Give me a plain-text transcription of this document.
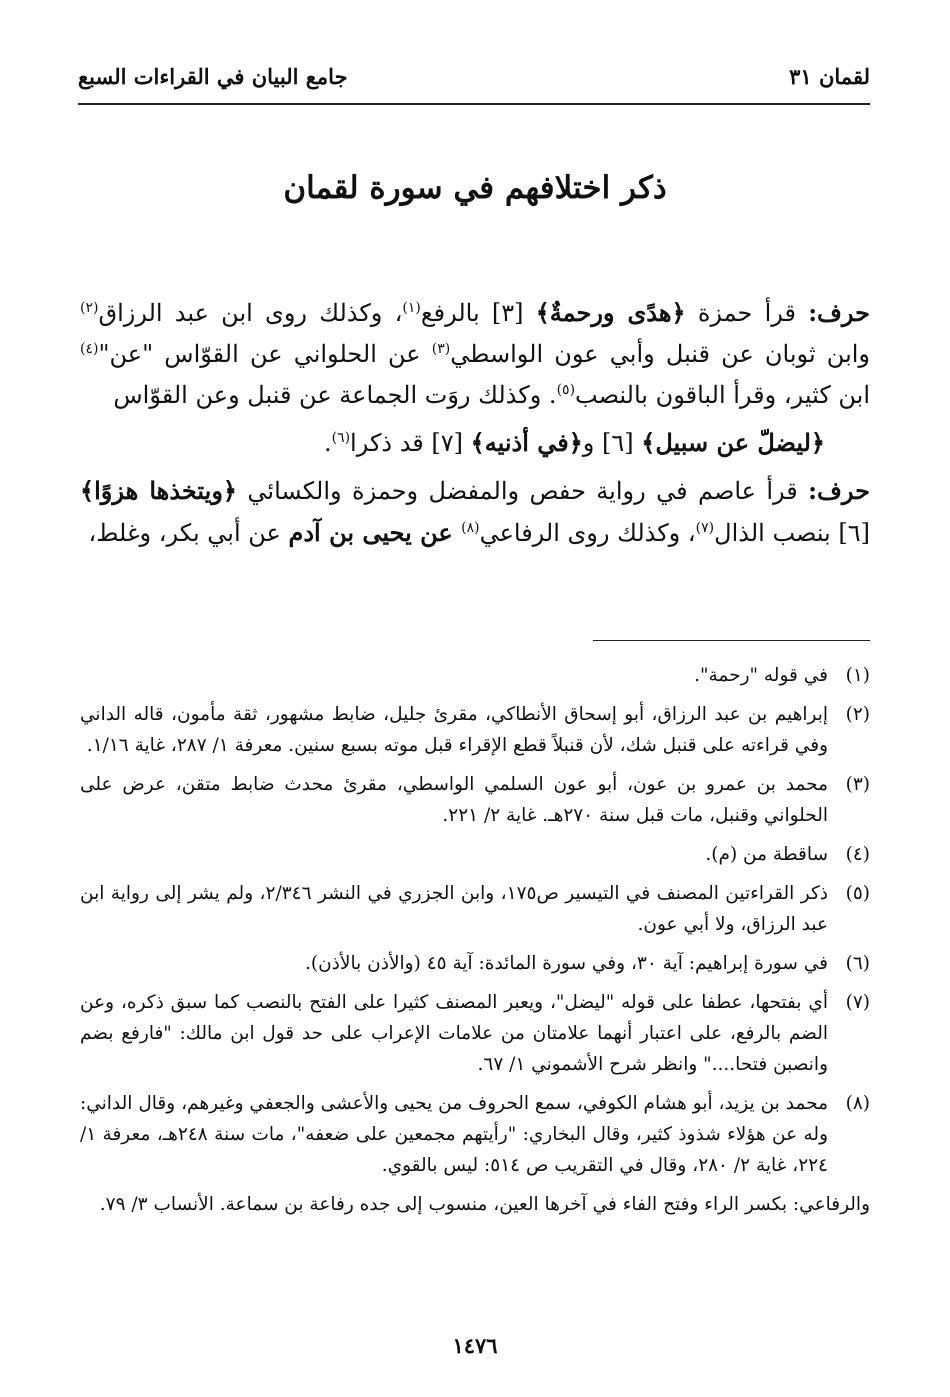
لقمان ٣١
جامع البيان في القراءات السبع
ذكر اختلافهم في سورة لقمان

حرف: قرأ حمزة ﴿هدًى ورحمةٌ﴾ [٣] بالرفع$^{(١)}$، وكذلك روى ابن عبد الرزاق$^{(٢)}$ وابن ثوبان عن قنبل وأبي عون الواسطي$^{(٣)}$ عن الحلواني عن القوّاس "عن"$^{(٤)}$ ابن كثير، وقرأ الباقون بالنصب$^{(٥)}$. وكذلك روَت الجماعة عن قنبل وعن القوّاس

﴿ليضلّ عن سبيل﴾ [٦] و﴿في أذنيه﴾ [٧] قد ذكرا$^{(٦)}$.

حرف: قرأ عاصم في رواية حفص والمفضل وحمزة والكسائي ﴿ويتخذها هزوًا﴾ [٦] بنصب الذال$^{(٧)}$، وكذلك روى الرفاعي$^{(٨)}$ عن يحيى بن آدم عن أبي بكر، وغلط،

(١)
في قوله "رحمة".
(٢)
إبراهيم بن عبد الرزاق، أبو إسحاق الأنطاكي، مقرئ جليل، ضابط مشهور، ثقة مأمون، قاله الداني وفي قراءته على قنبل شك، لأن قنبلاً قطع الإقراء قبل موته بسبع سنين. معرفة ١/ ٢٨٧، غاية ١/١٦.
(٣)
محمد بن عمرو بن عون، أبو عون السلمي الواسطي، مقرئ محدث ضابط متقن، عرض على الحلواني وقنبل، مات قبل سنة ٢٧٠هـ. غاية ٢/ ٢٢١.
(٤)
ساقطة من (م).
(٥)
ذكر القراءتين المصنف في التيسير ص١٧٥، وابن الجزري في النشر ٢/٣٤٦، ولم يشر إلى رواية ابن عبد الرزاق، ولا أبي عون.
(٦)
في سورة إبراهيم: آية ٣٠، وفي سورة المائدة: آية ٤٥ (والأذن بالأذن).
(٧)
أي بفتحها، عطفا على قوله "ليضل"، ويعبر المصنف كثيرا على الفتح بالنصب كما سبق ذكره، وعن الضم بالرفع، على اعتبار أنهما علامتان من علامات الإعراب على حد قول ابن مالك: "فارفع بضم وانصبن فتحا...." وانظر شرح الأشموني ١/ ٦٧.
(٨)
محمد بن يزيد، أبو هشام الكوفي، سمع الحروف من يحيى والأعشى والجعفي وغيرهم، وقال الداني: وله عن هؤلاء شذوذ كثير، وقال البخاري: "رأيتهم مجمعين على ضعفه"، مات سنة ٢٤٨هـ، معرفة ١/ ٢٢٤، غاية ٢/ ٢٨٠، وقال في التقريب ص ٥١٤: ليس بالقوي.
والرفاعي: بكسر الراء وفتح الفاء في آخرها العين، منسوب إلى جده رفاعة بن سماعة. الأنساب ٣/ ٧٩.
١٤٧٦
